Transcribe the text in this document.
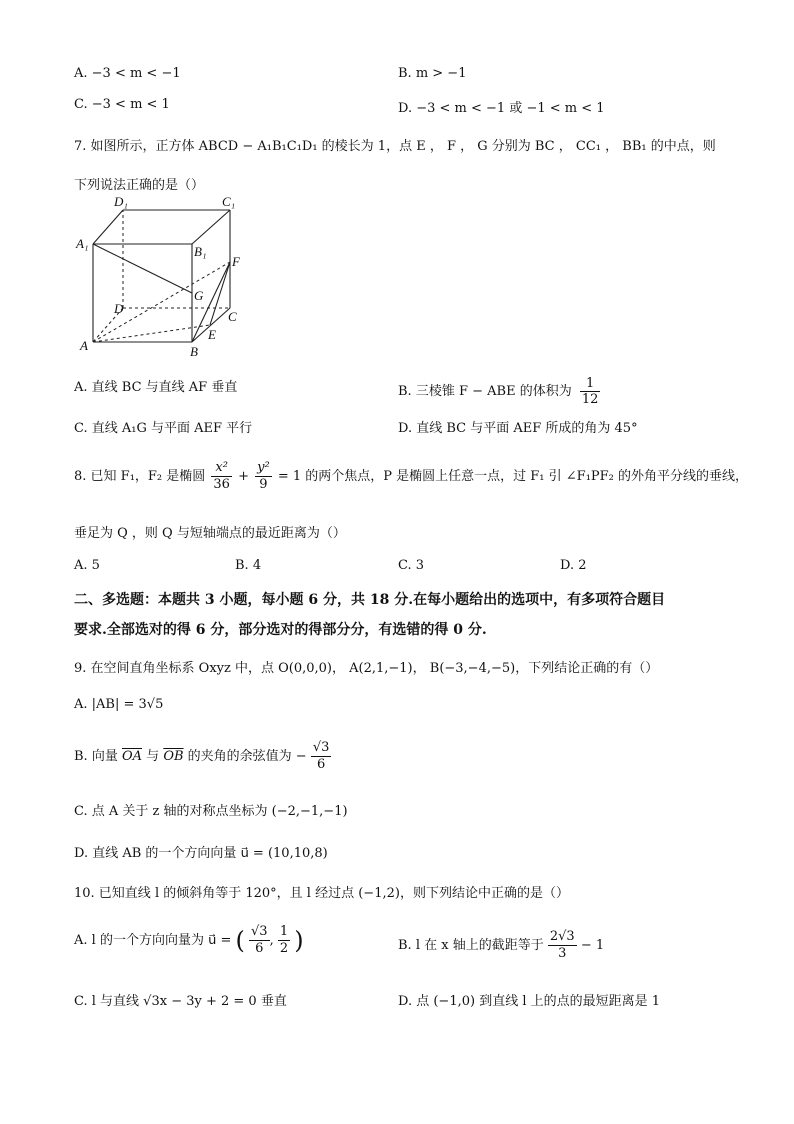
A. −3 < m < −1	B. m > −1
C. −3 < m < 1	D. −3 < m < −1 或 −1 < m < 1
7. 如图所示，正方体 ABCD − A₁B₁C₁D₁ 的棱长为 1，点 E ， F ， G 分别为 BC ， CC₁ ， BB₁ 的中点，则
下列说法正确的是（）
D₁	C₁
A₁
B₁
F
G
D
C
E
A	B
A. 直线 BC 与直线 AF 垂直	B. 三棱锥 F − ABE 的体积为 $\frac{1}{12}$
C. 直线 A₁G 与平面 AEF 平行	D. 直线 BC 与平面 AEF 所成的角为 45°
8. 已知 F₁，F₂ 是椭圆 $\frac{\text{x²}}{36} + \frac{\text{y²}}{9} = 1$ 的两个焦点，P 是椭圆上任意一点，过 F₁ 引 ∠F₁PF₂ 的外角平分线的垂线，
垂足为 Q ，则 Q 与短轴端点的最近距离为（）
A. 5	B. 4	C. 3	D. 2
二、多选题：本题共 3 小题，每小题 6 分，共 18 分.在每小题给出的选项中，有多项符合题目
要求.全部选对的得 6 分，部分选对的得部分分，有选错的得 0 分.
9. 在空间直角坐标系 Oxyz 中，点 O(0,0,0)， A(2,1,−1)， B(−3,−4,−5)，下列结论正确的有（）
A. |AB| = 3√5
B. 向量 $\overline{OA}$ 与 $\overline{OB}$ 的夹角的余弦值为 − $\frac{√3}{6}$
C. 点 A 关于 z 轴的对称点坐标为 (−2,−1,−1)
D. 直线 AB 的一个方向向量 u⃗ = (10,10,8)
10. 已知直线 l 的倾斜角等于 120°，且 l 经过点 (−1,2)，则下列结论中正确的是（）
A. l 的一个方向向量为 u⃗ = ( $\frac{√3}{6}$ , $\frac{1}{2}$ )	B. l 在 x 轴上的截距等于 $\frac{2√3}{3} - 1$
C. l 与直线 √3x − 3y + 2 = 0 垂直	D. 点 (−1,0) 到直线 l 上的点的最短距离是 1
